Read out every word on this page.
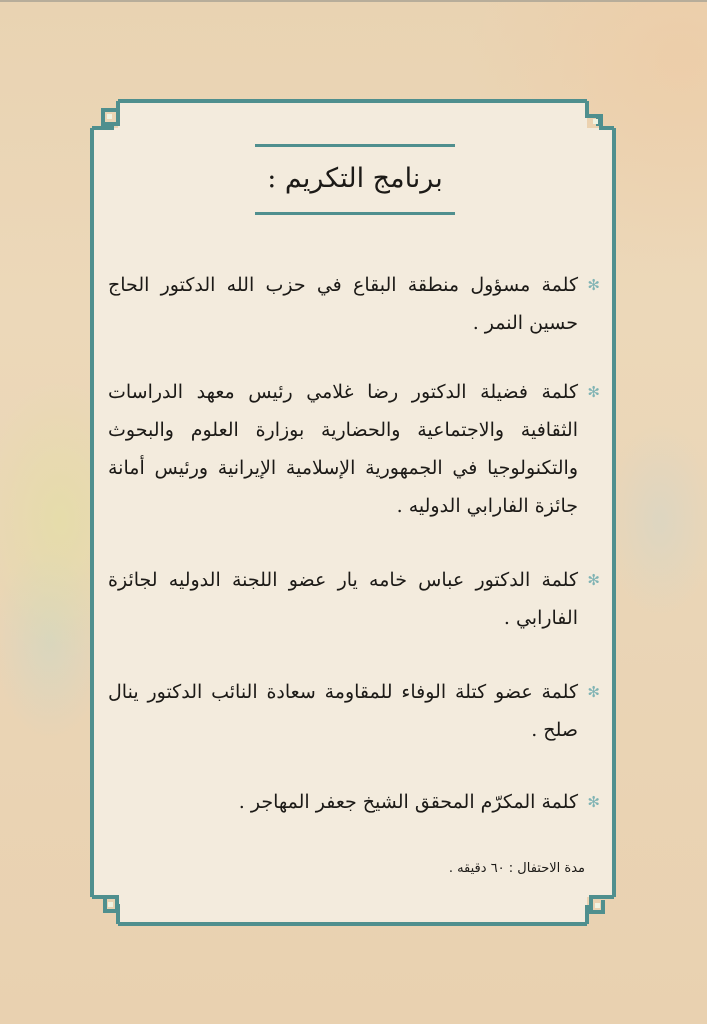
برنامج التكريم :
✻
كلمة مسؤول منطقة البقاع في حزب الله الدكتور الحاج حسين النمر .
✻
كلمة فضيلة الدكتور رضا غلامي رئيس معهد الدراسات الثقافية والاجتماعية والحضارية بوزارة العلوم والبحوث والتكنولوجيا في الجمهورية الإسلامية الإيرانية ورئيس أمانة جائزة الفارابي الدوليه .
✻
كلمة الدكتور عباس خامه يار عضو اللجنة الدوليه لجائزة الفارابي .
✻
كلمة عضو كتلة الوفاء للمقاومة سعادة النائب الدكتور ينال صلح .
✻
كلمة المكرّم المحقق الشيخ جعفر المهاجر .
مدة الاحتفال : ٦٠ دقيقه .
